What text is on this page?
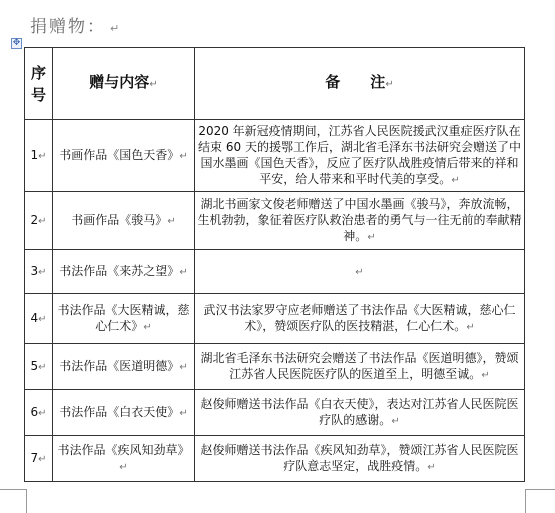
捐赠物： ↵
✥
序号	赠与内容↵	备　　注↵
1↵	书画作品《国色天香》↵	2020 年新冠疫情期间，江苏省人民医院援武汉重症医疗队在结束 60 天的援鄂工作后，湖北省毛泽东书法研究会赠送了中国水墨画《国色天香》，反应了医疗队战胜疫情后带来的祥和平安，给人带来和平时代美的享受。↵
2↵	书画作品《骏马》↵	湖北书画家文俊老师赠送了中国水墨画《骏马》，奔放流畅，生机勃勃，象征着医疗队救治患者的勇气与一往无前的奉献精神。↵
3↵	书法作品《来苏之望》↵	↵
4↵	书法作品《大医精诚，慈心仁术》↵	武汉书法家罗守应老师赠送了书法作品《大医精诚，慈心仁术》，赞颂医疗队的医技精湛，仁心仁术。↵
5↵	书法作品《医道明德》↵	湖北省毛泽东书法研究会赠送了书法作品《医道明德》，赞颂江苏省人民医院医疗队的医道至上，明德至诚。↵
6↵	书法作品《白衣天使》↵	赵俊师赠送书法作品《白衣天使》，表达对江苏省人民医院医疗队的感谢。↵
7↵	书法作品《疾风知劲草》↵	赵俊师赠送书法作品《疾风知劲草》，赞颂江苏省人民医院医疗队意志坚定，战胜疫情。↵
